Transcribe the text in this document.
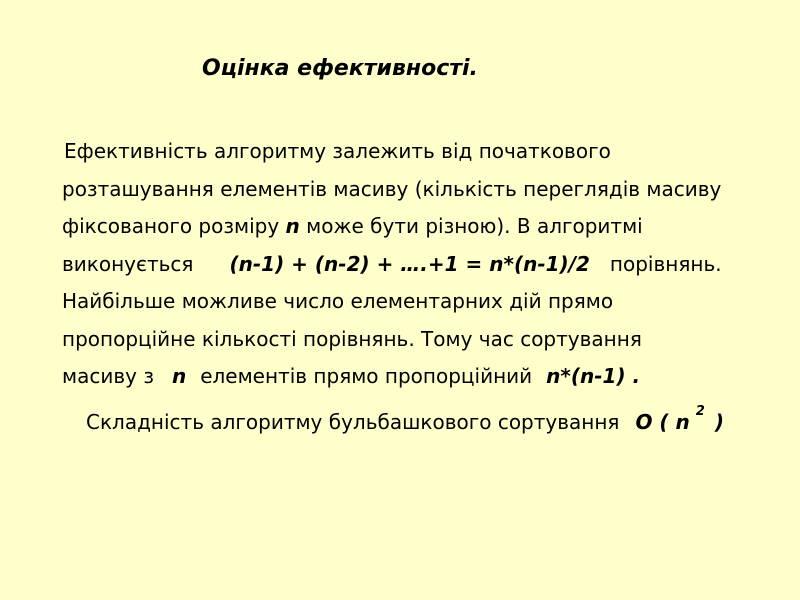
Оцінка ефективності.
Ефективність алгоритму залежить від початкового
розташування елементів масиву (кількість переглядів масиву
фіксованого розміру n може бути різною). В алгоритмі
виконується (n-1) + (n-2) + ….+1 = n*(n-1)/2 порівнянь.
Найбільше можливе число елементарних дій прямо
пропорційне кількості порівнянь. Тому час сортування
масиву з n елементів прямо пропорційний n*(n-1) .
Складність алгоритму бульбашкового сортування O ( n $^2$ )
